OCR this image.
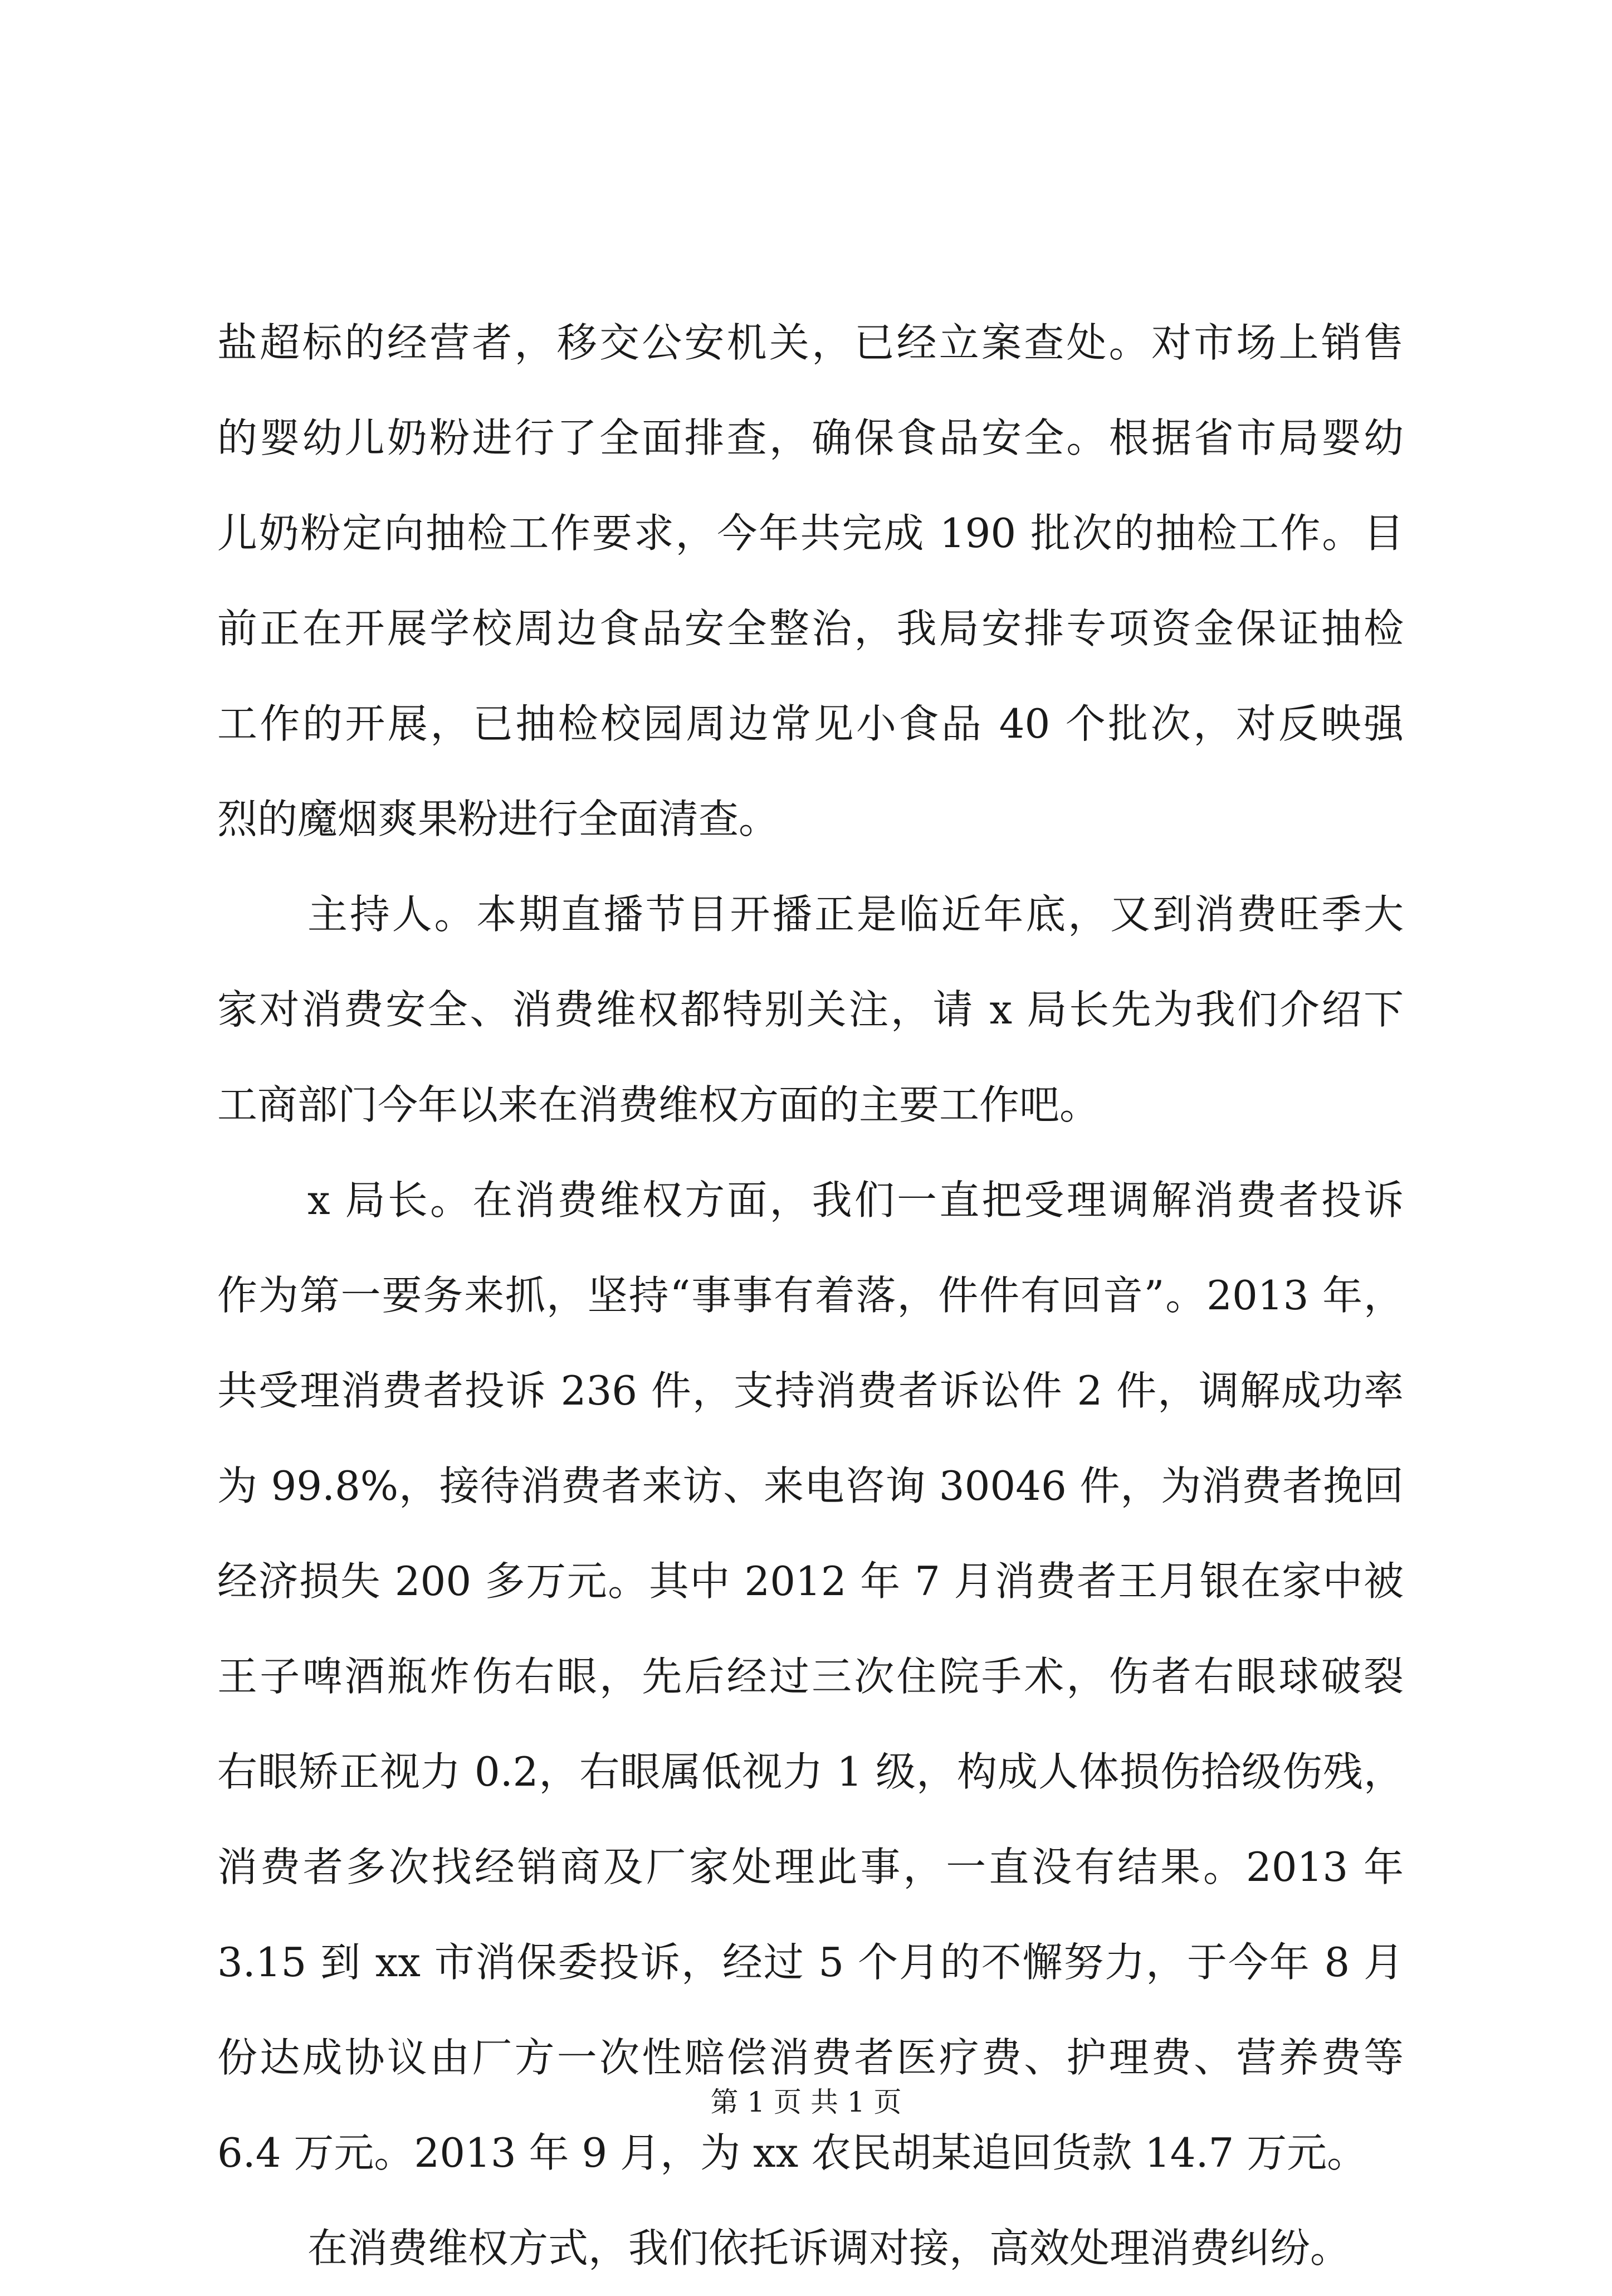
盐超标的经营者，移交公安机关，已经立案查处。对市场上销售
的婴幼儿奶粉进行了全面排查，确保食品安全。根据省市局婴幼
儿奶粉定向抽检工作要求，今年共完成 190 批次的抽检工作。目
前正在开展学校周边食品安全整治，我局安排专项资金保证抽检
工作的开展，已抽检校园周边常见小食品 40 个批次，对反映强
烈的魔烟爽果粉进行全面清查。
主持人。本期直播节目开播正是临近年底，又到消费旺季大
家对消费安全、消费维权都特别关注，请 x 局长先为我们介绍下
工商部门今年以来在消费维权方面的主要工作吧。
x 局长。在消费维权方面，我们一直把受理调解消费者投诉
作为第一要务来抓，坚持“事事有着落，件件有回音”。2013 年，
共受理消费者投诉 236 件，支持消费者诉讼件 2 件，调解成功率
为 99.8%，接待消费者来访、来电咨询 30046 件，为消费者挽回
经济损失 200 多万元。其中 2012 年 7 月消费者王月银在家中被
王子啤酒瓶炸伤右眼，先后经过三次住院手术，伤者右眼球破裂
右眼矫正视力 0.2，右眼属低视力 1 级，构成人体损伤拾级伤残，
消费者多次找经销商及厂家处理此事，一直没有结果。2013 年
3.15 到 xx 市消保委投诉，经过 5 个月的不懈努力，于今年 8 月
份达成协议由厂方一次性赔偿消费者医疗费、护理费、营养费等
6.4 万元。2013 年 9 月，为 xx 农民胡某追回货款 14.7 万元。
在消费维权方式，我们依托诉调对接，高效处理消费纠纷。
第 1 页 共 1 页
